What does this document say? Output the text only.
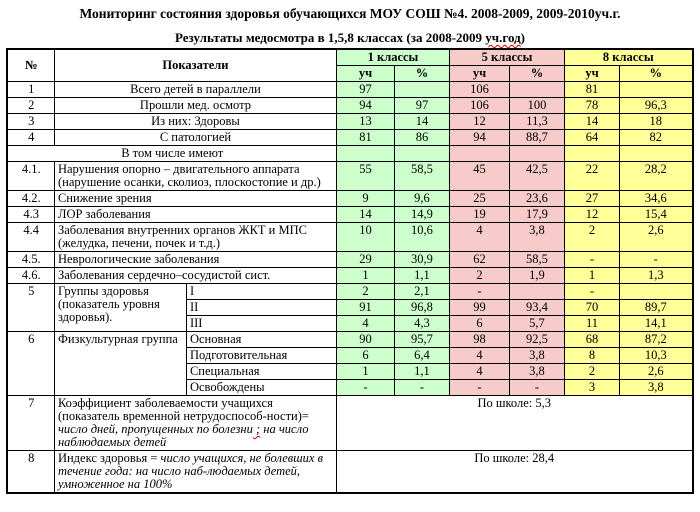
Мониторинг состояния здоровья обучающихся МОУ СОШ №4. 2008-2009, 2009-2010уч.г.
Результаты медосмотра в 1,5,8 классах (за 2008-2009 уч.год)
№	Показатели		1 классы		5 классы		8 классы	
			уч	%	уч	%	уч	%
1	Всего детей в параллели		97		106		81	
2	Прошли мед. осмотр		94	97	106	100	78	96,3
3	Из них: Здоровы		13	14	12	11,3	14	18
4	С патологией		81	86	94	88,7	64	82
В том числе имеют								
4.1.	Нарушения опорно – двигательного аппарата (нарушение осанки, сколиоз, плоскостопие и др.)		55	58,5	45	42,5	22	28,2
4.2.	Снижение зрения		9	9,6	25	23,6	27	34,6
4.3	ЛОР заболевания		14	14,9	19	17,9	12	15,4
4.4	Заболевания внутренних органов ЖКТ и МПС (желудка, печени, почек и т.д.)		10	10,6	4	3,8	2	2,6
4.5.	Неврологические заболевания		29	30,9	62	58,5	-	-
4.6.	Заболевания сердечно–сосудистой сист.		1	1,1	2	1,9	1	1,3
5	Группы здоровья (показатель уровня здоровья).	I	2	2,1	-		-	
		II	91	96,8	99	93,4	70	89,7
		III	4	4,3	6	5,7	11	14,1
6	Физкультурная группа	Основная	90	95,7	98	92,5	68	87,2
		Подготовительная	6	6,4	4	3,8	8	10,3
		Специальная	1	1,1	4	3,8	2	2,6
		Освобождены	-	-	-	-	3	3,8
7	Коэффициент заболеваемости учащихся (показатель временной нетрудоспособ-ности)= число дней, пропущенных по болезни ; на число наблюдаемых детей		По школе: 5,3					
8	Индекс здоровья = число учащихся, не болевших в течение года: на число наб-людаемых детей, умноженное на 100%		По школе: 28,4					
